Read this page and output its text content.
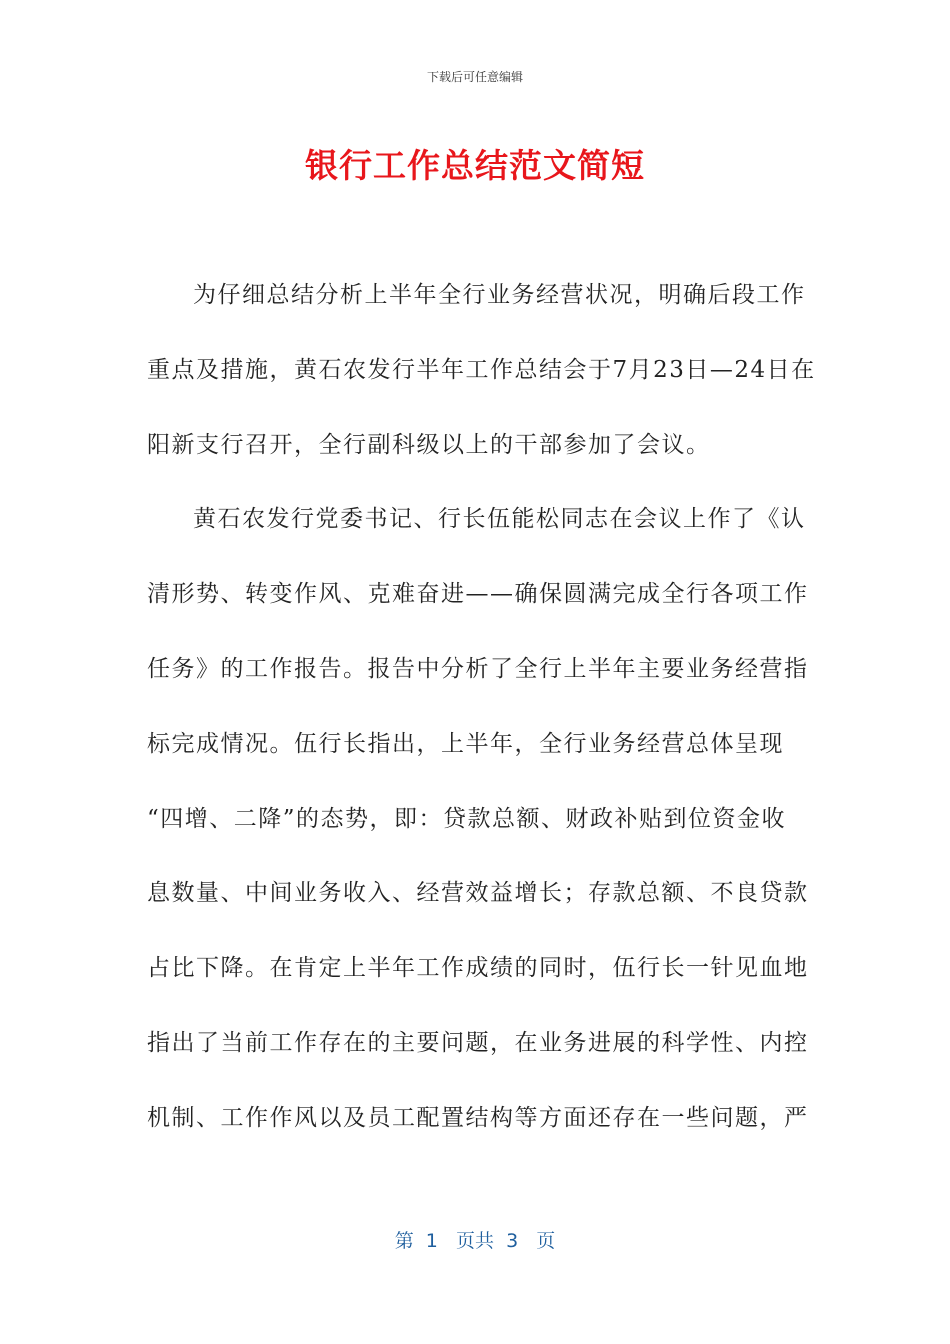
下载后可任意编辑
银行工作总结范文简短
为仔细总结分析上半年全行业务经营状况，明确后段工作
重点及措施，黄石农发行半年工作总结会于7月23日—24日在
阳新支行召开，全行副科级以上的干部参加了会议。
黄石农发行党委书记、行长伍能松同志在会议上作了《认
清形势、转变作风、克难奋进——确保圆满完成全行各项工作
任务》的工作报告。报告中分析了全行上半年主要业务经营指
标完成情况。伍行长指出，上半年，全行业务经营总体呈现
“四增、二降”的态势，即：贷款总额、财政补贴到位资金收
息数量、中间业务收入、经营效益增长；存款总额、不良贷款
占比下降。在肯定上半年工作成绩的同时，伍行长一针见血地
指出了当前工作存在的主要问题，在业务进展的科学性、内控
机制、工作作风以及员工配置结构等方面还存在一些问题，严
第  1   页共  3   页
